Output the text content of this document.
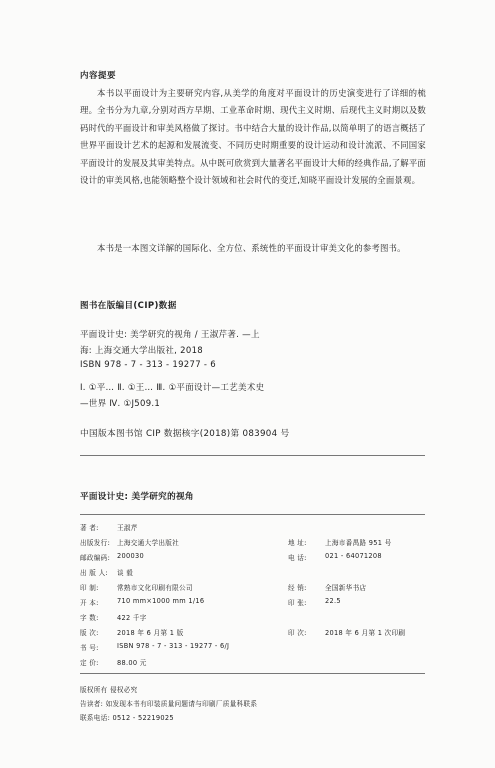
内容提要
本书以平面设计为主要研究内容,从美学的角度对平面设计的历史演变进行了详细的梳理。全书分为九章,分别对西方早期、工业革命时期、现代主义时期、后现代主义时期以及数码时代的平面设计和审美风格做了探讨。书中结合大量的设计作品,以简单明了的语言概括了世界平面设计艺术的起源和发展流变、不同历史时期重要的设计运动和设计流派、不同国家平面设计的发展及其审美特点。从中既可欣赏到大量著名平面设计大师的经典作品,了解平面设计的审美风格,也能领略整个设计领域和社会时代的变迁,知晓平面设计发展的全面景观。
本书是一本图文详解的国际化、全方位、系统性的平面设计审美文化的参考图书。
图书在版编目(CIP)数据
平面设计史: 美学研究的视角 / 王淑芹著. —上
海: 上海交通大学出版社, 2018
ISBN 978 - 7 - 313 - 19277 - 6
Ⅰ. ①平… Ⅱ. ①王… Ⅲ. ①平面设计—工艺美术史
—世界 Ⅳ. ①J509.1
中国版本图书馆 CIP 数据核字(2018)第 083904 号
平面设计史: 美学研究的视角
著 者:	王淑芹
出版发行:	上海交通大学出版社	地 址:	上海市番禺路 951 号
邮政编码:	200030	电 话:	021 - 64071208
出 版 人:	谈 毅
印 制:	常熟市文化印刷有限公司	经 销:	全国新华书店
开 本:	710 mm×1000 mm 1/16	印 张:	22.5
字 数:	422 千字
版 次:	2018 年 6 月第 1 版	印 次:	2018 年 6 月第 1 次印刷
书 号:	ISBN 978 - 7 - 313 - 19277 - 6/J
定 价:	88.00 元
版权所有 侵权必究
告读者: 如发现本书有印装质量问题请与印刷厂质量科联系
联系电话: 0512 - 52219025
